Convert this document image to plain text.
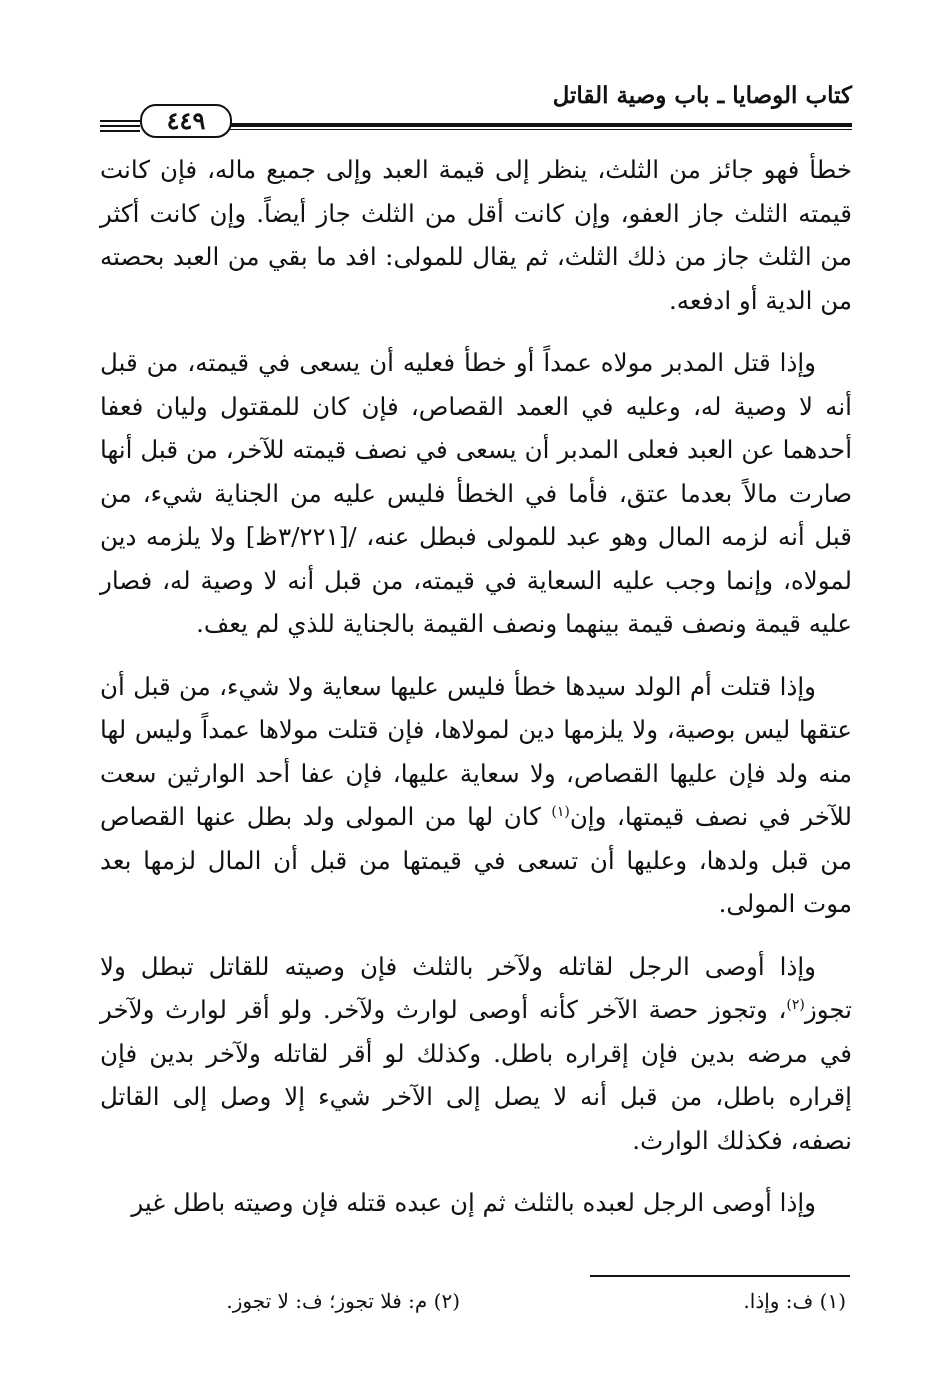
٤٤٩
كتاب الوصايا ـ باب وصية القاتل

خطأ فهو جائز من الثلث، ينظر إلى قيمة العبد وإلى جميع ماله، فإن كانت قيمته الثلث جاز العفو، وإن كانت أقل من الثلث جاز أيضاً. وإن كانت أكثر من الثلث جاز من ذلك الثلث، ثم يقال للمولى: افد ما بقي من العبد بحصته من الدية أو ادفعه.

وإذا قتل المدبر مولاه عمداً أو خطأ فعليه أن يسعى في قيمته، من قبل أنه لا وصية له، وعليه في العمد القصاص، فإن كان للمقتول وليان فعفا أحدهما عن العبد فعلى المدبر أن يسعى في نصف قيمته للآخر، من قبل أنها صارت مالاً بعدما عتق، فأما في الخطأ فليس عليه من الجناية شيء، من قبل أنه لزمه المال وهو عبد للمولى فبطل عنه، /[٣/٢٢١ظ] ولا يلزمه دين لمولاه، وإنما وجب عليه السعاية في قيمته، من قبل أنه لا وصية له، فصار عليه قيمة ونصف قيمة بينهما ونصف القيمة بالجناية للذي لم يعف.

وإذا قتلت أم الولد سيدها خطأ فليس عليها سعاية ولا شيء، من قبل أن عتقها ليس بوصية، ولا يلزمها دين لمولاها، فإن قتلت مولاها عمداً وليس لها منه ولد فإن عليها القصاص، ولا سعاية عليها، فإن عفا أحد الوارثين سعت للآخر في نصف قيمتها، وإن$^{(١)}$ كان لها من المولى ولد بطل عنها القصاص من قبل ولدها، وعليها أن تسعى في قيمتها من قبل أن المال لزمها بعد موت المولى.

وإذا أوصى الرجل لقاتله ولآخر بالثلث فإن وصيته للقاتل تبطل ولا تجوز$^{(٢)}$، وتجوز حصة الآخر كأنه أوصى لوارث ولآخر. ولو أقر لوارث ولآخر في مرضه بدين فإن إقراره باطل. وكذلك لو أقر لقاتله ولآخر بدين فإن إقراره باطل، من قبل أنه لا يصل إلى الآخر شيء إلا وصل إلى القاتل نصفه، فكذلك الوارث.

وإذا أوصى الرجل لعبده بالثلث ثم إن عبده قتله فإن وصيته باطل غير

(١) ف: وإذا.
(٢) م: فلا تجوز؛ ف: لا تجوز.
